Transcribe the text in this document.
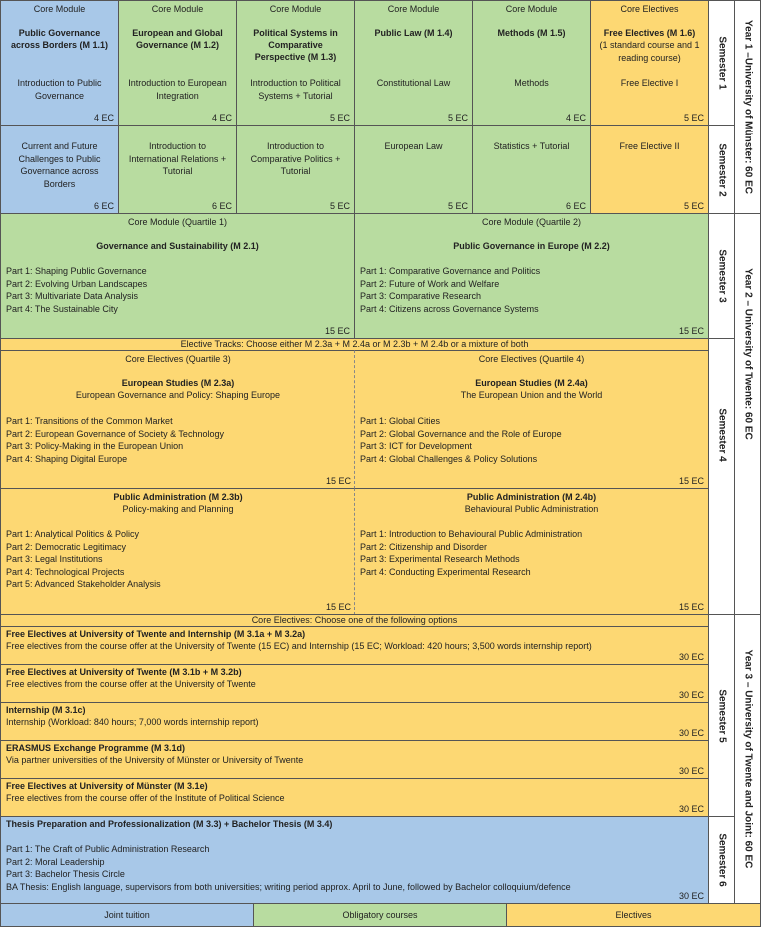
Core Module
Public Governance across Borders (M 1.1)
Introduction to Public Governance
4 EC
Current and Future Challenges to Public Governance across Borders
6 EC
Core Module
European and Global Governance (M 1.2)
Introduction to European Integration
4 EC
Introduction to International Relations + Tutorial
6 EC
Core Module
Political Systems in Comparative Perspective (M 1.3)
Introduction to Political Systems + Tutorial
5 EC
Introduction to Comparative Politics + Tutorial
5 EC
Core Module
Public Law (M 1.4)
Constitutional Law
5 EC
European Law
5 EC
Core Module
Methods (M 1.5)
Methods
4 EC
Statistics + Tutorial
6 EC
Core Electives
Free Electives (M 1.6)
(1 standard course and 1 reading course)
Free Elective I
5 EC
Free Elective II
5 EC
Semester 1
Semester 2 Year 1 –University of Münster: 60 EC
Core Module (Quartile 1)
Governance and Sustainability (M 2.1)
Part 1: Shaping Public Governance
Part 2: Evolving Urban Landscapes
Part 3: Multivariate Data Analysis
Part 4: The Sustainable City
15 EC
Core Module (Quartile 2)
Public Governance in Europe (M 2.2)
Part 1: Comparative Governance and Politics
Part 2: Future of Work and Welfare
Part 3: Comparative Research
Part 4: Citizens across Governance Systems
15 EC
Semester 3
Elective Tracks: Choose either M 2.3a + M 2.4a or M 2.3b + M 2.4b or a mixture of both
Core Electives (Quartile 3)
European Studies (M 2.3a)
European Governance and Policy: Shaping Europe
Part 1: Transitions of the Common Market
Part 2: European Governance of Society & Technology
Part 3: Policy-Making in the European Union
Part 4: Shaping Digital Europe
15 EC
Core Electives (Quartile 4)
European Studies (M 2.4a)
The European Union and the World
Part 1: Global Cities
Part 2: Global Governance and the Role of Europe
Part 3: ICT for Development
Part 4: Global Challenges & Policy Solutions
15 EC
Public Administration (M 2.3b)
Policy-making and Planning
Part 1: Analytical Politics & Policy
Part 2: Democratic Legitimacy
Part 3: Legal Institutions
Part 4: Technological Projects
Part 5: Advanced Stakeholder Analysis
15 EC
Public Administration (M 2.4b)
Behavioural Public Administration
Part 1: Introduction to Behavioural Public Administration
Part 2: Citizenship and Disorder
Part 3: Experimental Research Methods
Part 4: Conducting Experimental Research
15 EC
Semester 4 Year 2 – University of Twente: 60 EC
Core Electives: Choose one of the following options
Free Electives at University of Twente and Internship (M 3.1a + M 3.2a)
Free electives from the course offer at the University of Twente (15 EC) and Internship (15 EC; Workload: 420 hours; 3,500 words internship report)
30 EC
Free Electives at University of Twente (M 3.1b + M 3.2b)
Free electives from the course offer at the University of Twente
30 EC
Internship (M 3.1c)
Internship (Workload: 840 hours; 7,000 words internship report)
30 EC
ERASMUS Exchange Programme (M 3.1d)
Via partner universities of the University of Münster or University of Twente
30 EC
Free Electives at University of Münster (M 3.1e)
Free electives from the course offer of the Institute of Political Science
30 EC
Semester 5
Thesis Preparation and Professionalization (M 3.3) + Bachelor Thesis (M 3.4)
Part 1: The Craft of Public Administration Research
Part 2: Moral Leadership
Part 3: Bachelor Thesis Circle
BA Thesis: English language, supervisors from both universities; writing period approx. April to June, followed by Bachelor colloquium/defence
30 EC
Semester 6 Year 3 – University of Twente and Joint: 60 EC
Joint tuition	Obligatory courses	Electives
